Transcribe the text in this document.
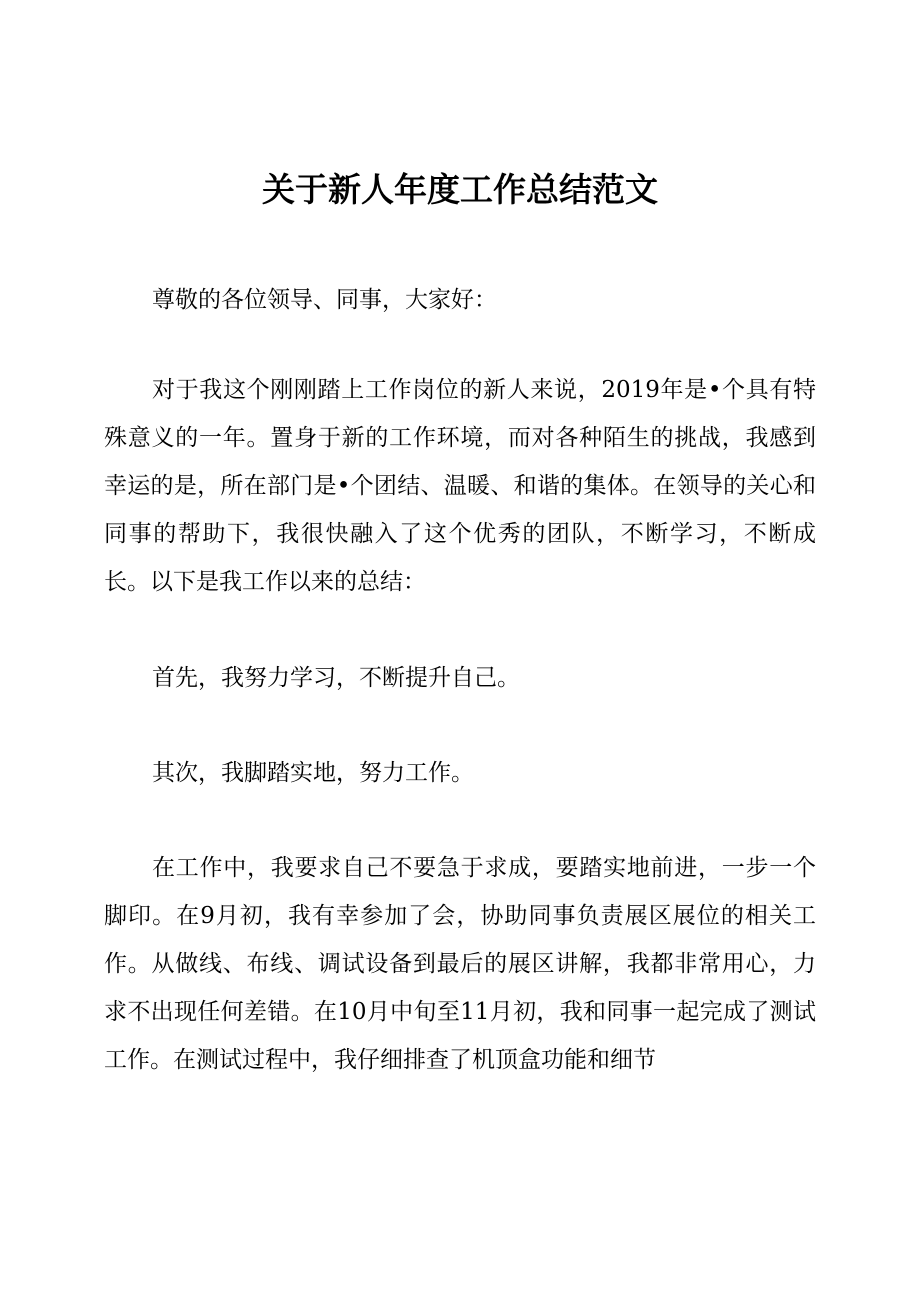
关于新人年度工作总结范文

尊敬的各位领导、同事，大家好：

对于我这个刚刚踏上工作岗位的新人来说，2019年是•个具有特殊意义的一年。置身于新的工作环境，而对各种陌生的挑战，我感到幸运的是，所在部门是•个团结、温暖、和谐的集体。在领导的关心和同事的帮助下，我很快融入了这个优秀的团队，不断学习，不断成长。以下是我工作以来的总结：

首先，我努力学习，不断提升自己。

其次，我脚踏实地，努力工作。

在工作中，我要求自己不要急于求成，要踏实地前进，一步一个脚印。在9月初，我有幸参加了会，协助同事负责展区展位的相关工作。从做线、布线、调试设备到最后的展区讲解，我都非常用心，力求不出现任何差错。在10月中旬至11月初，我和同事一起完成了测试工作。在测试过程中，我仔细排查了机顶盒功能和细节
